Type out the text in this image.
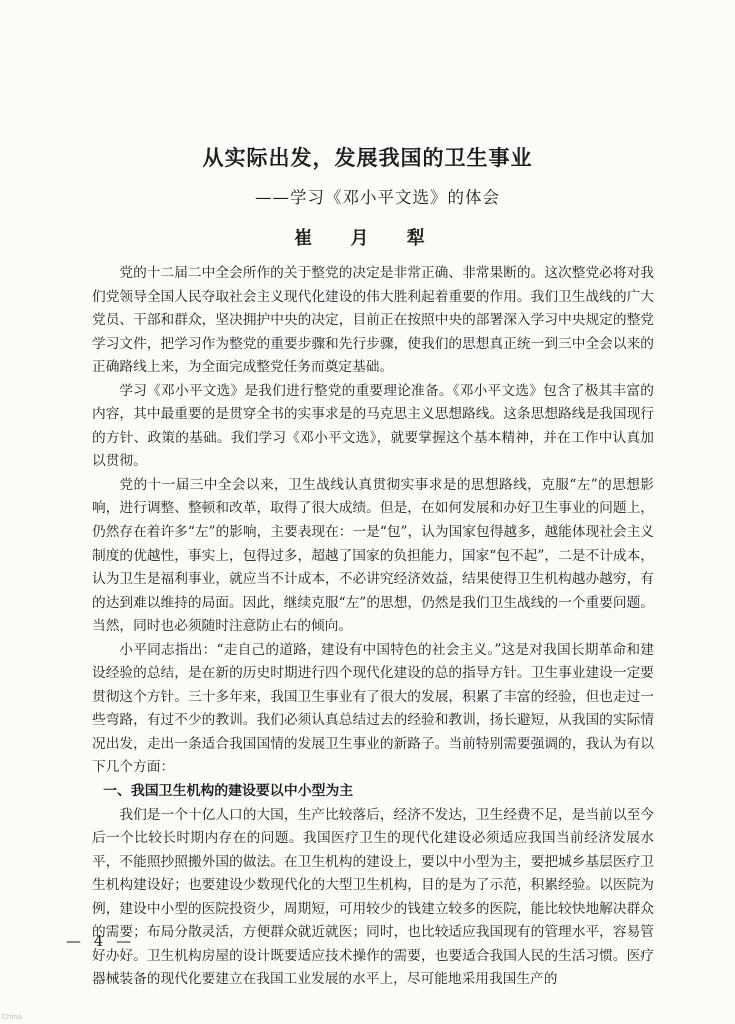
从实际出发，发展我国的卫生事业
——学习《邓小平文选》的体会
崔 月 犁

党的十二届二中全会所作的关于整党的决定是非常正确、非常果断的。这次整党必将对我们党领导全国人民夺取社会主义现代化建设的伟大胜利起着重要的作用。我们卫生战线的广大党员、干部和群众，坚决拥护中央的决定，目前正在按照中央的部署深入学习中央规定的整党学习文件，把学习作为整党的重要步骤和先行步骤，使我们的思想真正统一到三中全会以来的正确路线上来，为全面完成整党任务而奠定基础。

学习《邓小平文选》是我们进行整党的重要理论准备。《邓小平文选》包含了极其丰富的内容，其中最重要的是贯穿全书的实事求是的马克思主义思想路线。这条思想路线是我国现行的方针、政策的基础。我们学习《邓小平文选》，就要掌握这个基本精神，并在工作中认真加以贯彻。

党的十一届三中全会以来，卫生战线认真贯彻实事求是的思想路线，克服“左”的思想影响，进行调整、整顿和改革，取得了很大成绩。但是，在如何发展和办好卫生事业的问题上，仍然存在着许多“左”的影响，主要表现在：一是“包”，认为国家包得越多，越能体现社会主义制度的优越性，事实上，包得过多，超越了国家的负担能力，国家“包不起”，二是不计成本，认为卫生是福利事业，就应当不计成本，不必讲究经济效益，结果使得卫生机构越办越穷，有的达到难以维持的局面。因此，继续克服“左”的思想，仍然是我们卫生战线的一个重要问题。当然，同时也必须随时注意防止右的倾向。

小平同志指出：“走自己的道路，建设有中国特色的社会主义。”这是对我国长期革命和建设经验的总结，是在新的历史时期进行四个现代化建设的总的指导方针。卫生事业建设一定要贯彻这个方针。三十多年来，我国卫生事业有了很大的发展，积累了丰富的经验，但也走过一些弯路，有过不少的教训。我们必须认真总结过去的经验和教训，扬长避短，从我国的实际情况出发，走出一条适合我国国情的发展卫生事业的新路子。当前特别需要强调的，我认为有以下几个方面：

一、我国卫生机构的建设要以中小型为主

我们是一个十亿人口的大国，生产比较落后，经济不发达，卫生经费不足，是当前以至今后一个比较长时期内存在的问题。我国医疗卫生的现代化建设必须适应我国当前经济发展水平，不能照抄照搬外国的做法。在卫生机构的建设上，要以中小型为主，要把城乡基层医疗卫生机构建设好；也要建设少数现代化的大型卫生机构，目的是为了示范，积累经验。以医院为例，建设中小型的医院投资少，周期短，可用较少的钱建立较多的医院，能比较快地解决群众的需要；布局分散灵活，方便群众就近就医；同时，也比较适应我国现有的管理水平，容易管好办好。卫生机构房屋的设计既要适应技术操作的需要，也要适合我国人民的生活习惯。医疗器械装备的现代化要建立在我国工业发展的水平上，尽可能地采用我国生产的

— 4 —
China
